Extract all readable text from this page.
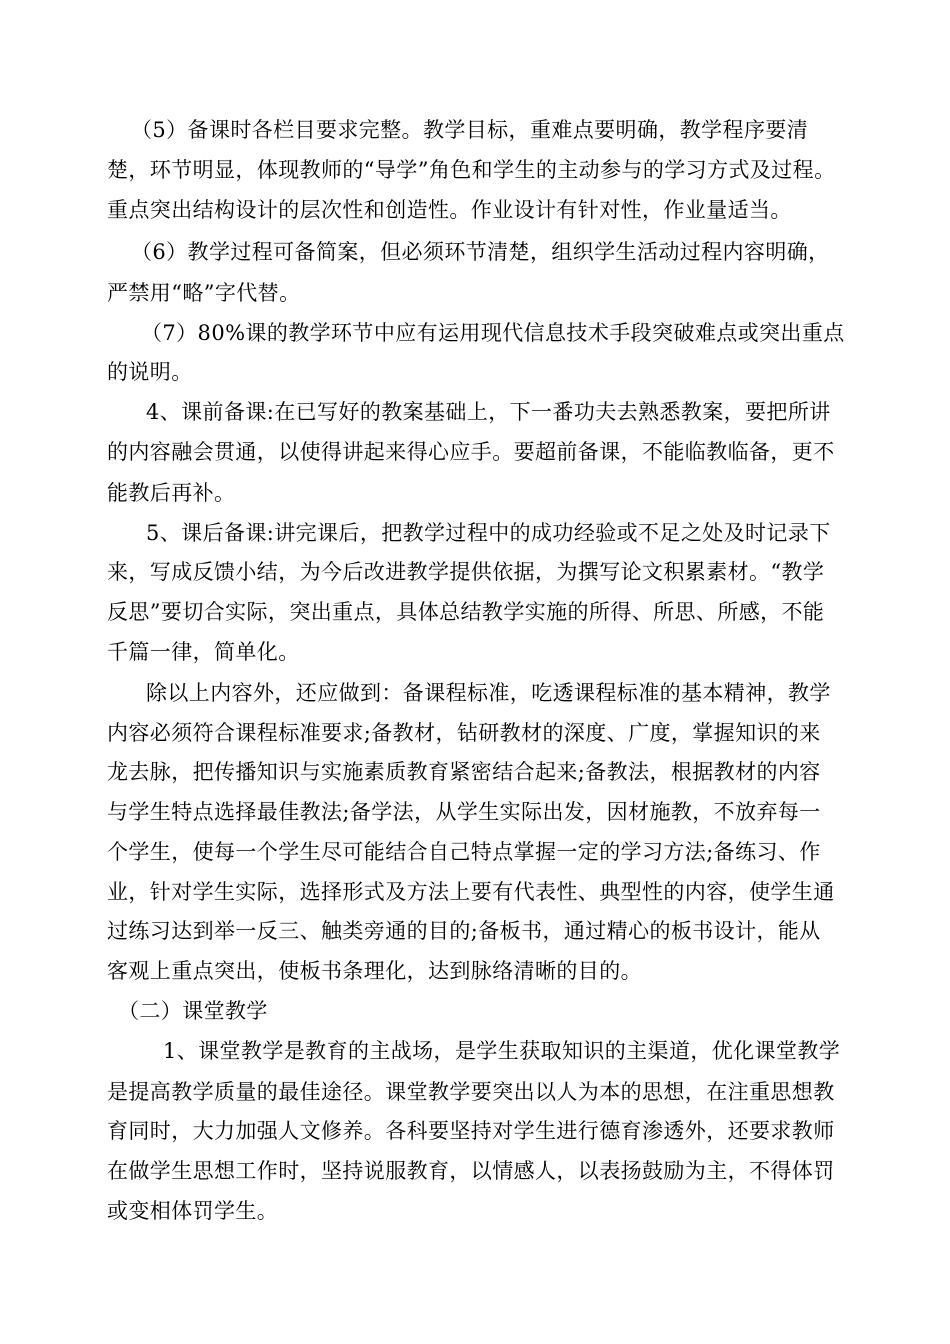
（5）备课时各栏目要求完整。教学目标，重难点要明确，教学程序要清
楚，环节明显，体现教师的“导学”角色和学生的主动参与的学习方式及过程。
重点突出结构设计的层次性和创造性。作业设计有针对性，作业量适当。
（6）教学过程可备简案，但必须环节清楚，组织学生活动过程内容明确，
严禁用“略”字代替。
（7）80%课的教学环节中应有运用现代信息技术手段突破难点或突出重点
的说明。
4、课前备课:在已写好的教案基础上，下一番功夫去熟悉教案，要把所讲
的内容融会贯通，以使得讲起来得心应手。要超前备课，不能临教临备，更不
能教后再补。
5、课后备课:讲完课后，把教学过程中的成功经验或不足之处及时记录下
来，写成反馈小结，为今后改进教学提供依据，为撰写论文积累素材。“教学
反思”要切合实际，突出重点，具体总结教学实施的所得、所思、所感，不能
千篇一律，简单化。
除以上内容外，还应做到：备课程标准，吃透课程标准的基本精神，教学
内容必须符合课程标准要求;备教材，钻研教材的深度、广度，掌握知识的来
龙去脉，把传播知识与实施素质教育紧密结合起来;备教法，根据教材的内容
与学生特点选择最佳教法;备学法，从学生实际出发，因材施教，不放弃每一
个学生，使每一个学生尽可能结合自己特点掌握一定的学习方法;备练习、作
业，针对学生实际，选择形式及方法上要有代表性、典型性的内容，使学生通
过练习达到举一反三、触类旁通的目的;备板书，通过精心的板书设计，能从
客观上重点突出，使板书条理化，达到脉络清晰的目的。
（二）课堂教学
1、课堂教学是教育的主战场，是学生获取知识的主渠道，优化课堂教学
是提高教学质量的最佳途径。课堂教学要突出以人为本的思想，在注重思想教
育同时，大力加强人文修养。各科要坚持对学生进行德育渗透外，还要求教师
在做学生思想工作时，坚持说服教育，以情感人，以表扬鼓励为主，不得体罚
或变相体罚学生。
